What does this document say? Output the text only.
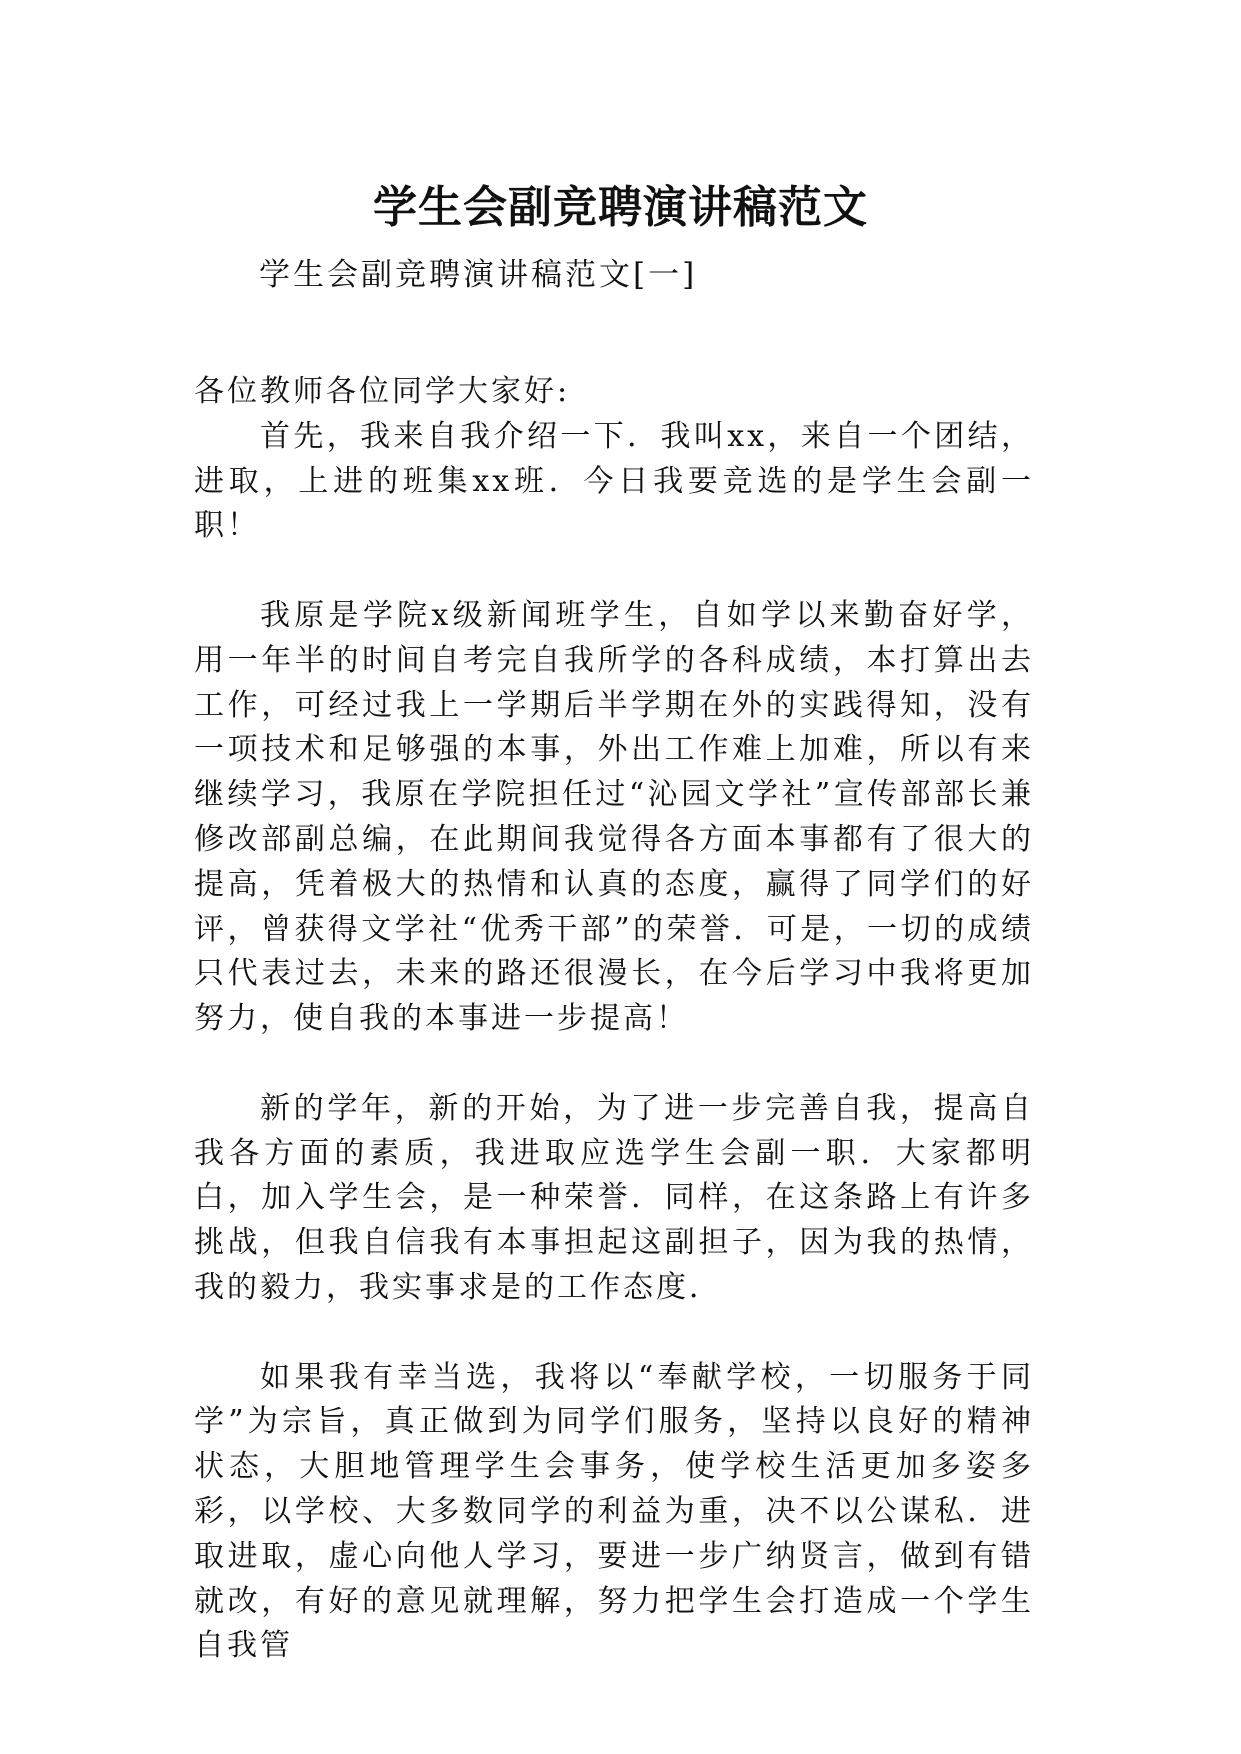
学生会副竞聘演讲稿范文

学生会副竞聘演讲稿范文[一]

各位教师各位同学大家好:

首先，我来自我介绍一下．我叫xx，来自一个团结，进取，上进的班集xx班．今日我要竞选的是学生会副一职！

我原是学院x级新闻班学生，自如学以来勤奋好学，用一年半的时间自考完自我所学的各科成绩，本打算出去工作，可经过我上一学期后半学期在外的实践得知，没有一项技术和足够强的本事，外出工作难上加难，所以有来继续学习，我原在学院担任过“沁园文学社”宣传部部长兼修改部副总编，在此期间我觉得各方面本事都有了很大的提高，凭着极大的热情和认真的态度，赢得了同学们的好评，曾获得文学社“优秀干部”的荣誉．可是，一切的成绩只代表过去，未来的路还很漫长，在今后学习中我将更加努力，使自我的本事进一步提高！

新的学年，新的开始，为了进一步完善自我，提高自我各方面的素质，我进取应选学生会副一职．大家都明白，加入学生会，是一种荣誉．同样，在这条路上有许多挑战，但我自信我有本事担起这副担子，因为我的热情，我的毅力，我实事求是的工作态度．

如果我有幸当选，我将以“奉献学校，一切服务于同学”为宗旨，真正做到为同学们服务，坚持以良好的精神状态，大胆地管理学生会事务，使学校生活更加多姿多彩，以学校、大多数同学的利益为重，决不以公谋私．进取进取，虚心向他人学习，要进一步广纳贤言，做到有错就改，有好的意见就理解，努力把学生会打造成一个学生自我管
